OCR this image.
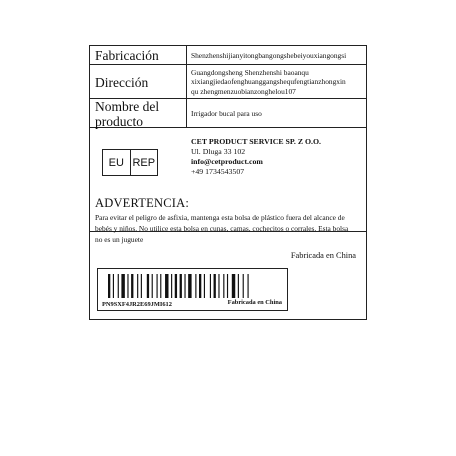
Fabricación	Shenzhenshijianyitongbangongshebeiyouxiangongsi
Dirección
Guangdongsheng Shenzhenshi baoanqu
xixiangjiedaofenghuanggangshequfengtianzhongxin
qu zhengmenzuobianzonghelou107
Nombre del
producto
Irrigador bucal para uso
EU REP
CET PRODUCT SERVICE SP. Z O.O.
Ul. Dluga 33 102
info@cetproduct.com
+49 1734543507
ADVERTENCIA:
Para evitar el peligro de asfixia, mantenga esta bolsa de plástico fuera del alcance de bebés y niños. No utilice esta bolsa en cunas, camas, cochecitos o corrales. Esta bolsa no es un juguete
Fabricada en China
PN9SXF4JR2E69JMI612	Fabricada en China
